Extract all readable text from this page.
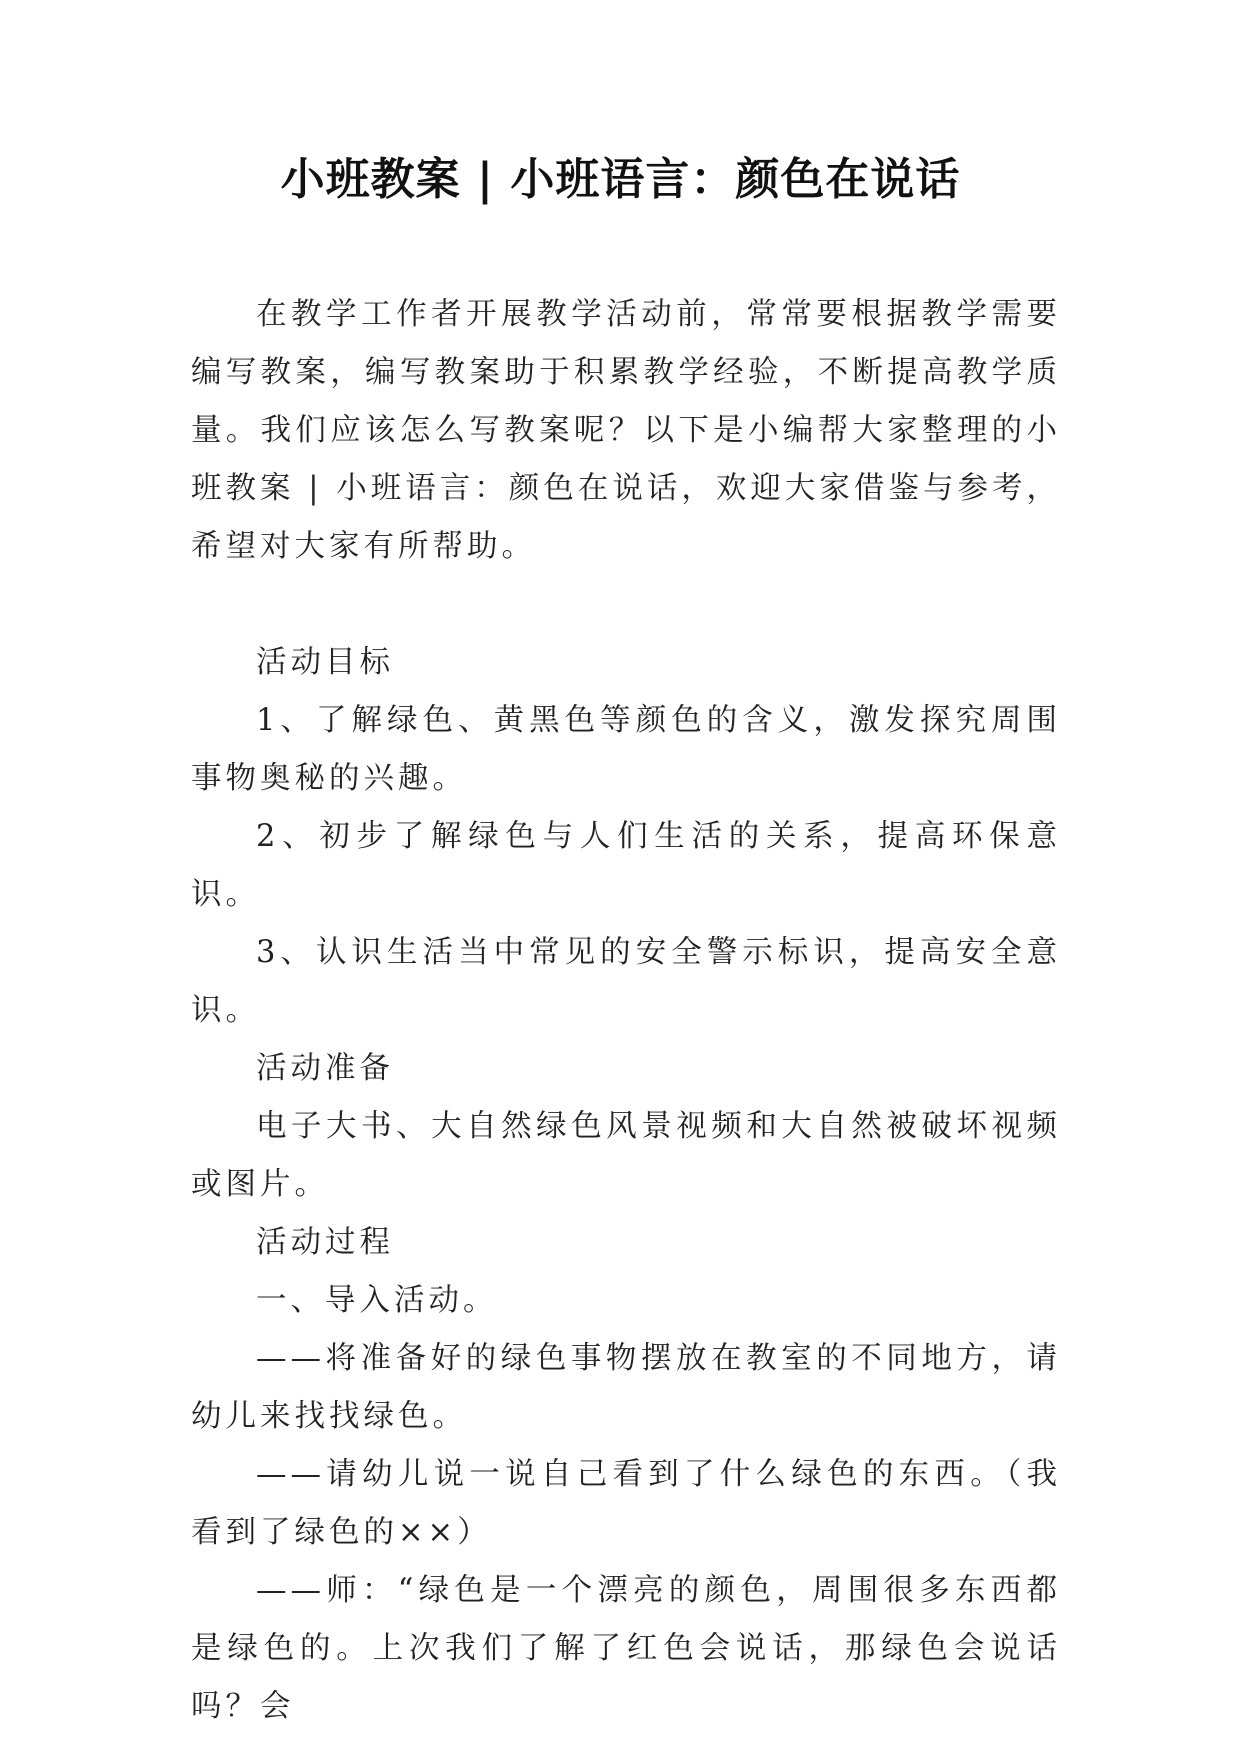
小班教案 | 小班语言：颜色在说话

在教学工作者开展教学活动前，常常要根据教学需要编写教案，编写教案助于积累教学经验，不断提高教学质量。我们应该怎么写教案呢？以下是小编帮大家整理的小班教案 | 小班语言：颜色在说话，欢迎大家借鉴与参考，希望对大家有所帮助。

活动目标

1、了解绿色、黄黑色等颜色的含义，激发探究周围事物奥秘的兴趣。

2、初步了解绿色与人们生活的关系，提高环保意识。

3、认识生活当中常见的安全警示标识，提高安全意识。

活动准备

电子大书、大自然绿色风景视频和大自然被破坏视频或图片。

活动过程

一、导入活动。

——将准备好的绿色事物摆放在教室的不同地方，请幼儿来找找绿色。

——请幼儿说一说自己看到了什么绿色的东西。（我看到了绿色的××）

——师：“绿色是一个漂亮的颜色，周围很多东西都是绿色的。上次我们了解了红色会说话，那绿色会说话吗？会
